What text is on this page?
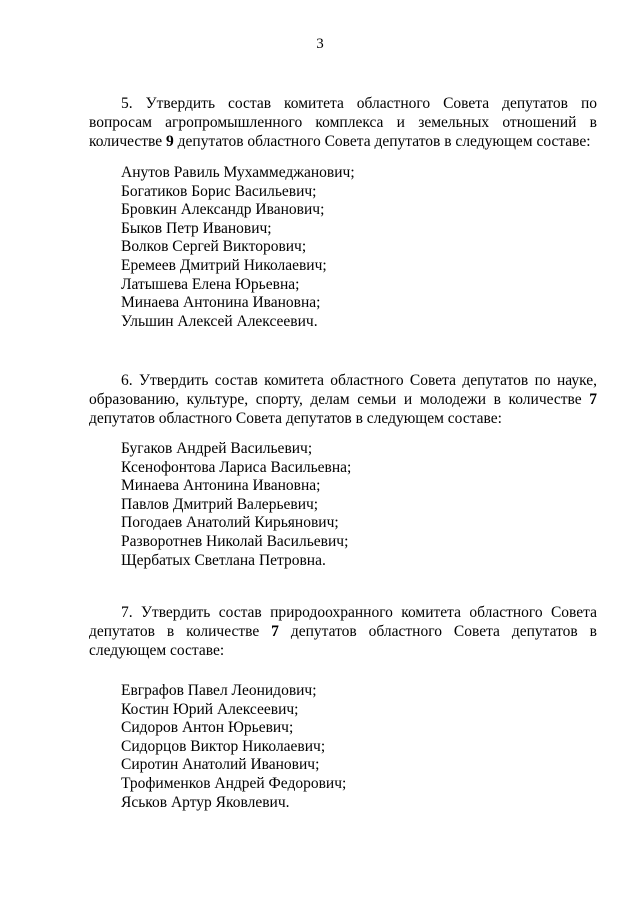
3

5. Утвердить состав комитета областного Совета депутатов по вопросам агропромышленного комплекса и земельных отношений в количестве 9 депутатов областного Совета депутатов в следующем составе:

Анутов Равиль Мухаммеджанович;
Богатиков Борис Васильевич;
Бровкин Александр Иванович;
Быков Петр Иванович;
Волков Сергей Викторович;
Еремеев Дмитрий Николаевич;
Латышева Елена Юрьевна;
Минаева Антонина Ивановна;
Ульшин Алексей Алексеевич.

6. Утвердить состав комитета областного Совета депутатов по науке, образованию, культуре, спорту, делам семьи и молодежи в количестве 7 депутатов областного Совета депутатов в следующем составе:

Бугаков Андрей Васильевич;
Ксенофонтова Лариса Васильевна;
Минаева Антонина Ивановна;
Павлов Дмитрий Валерьевич;
Погодаев Анатолий Кирьянович;
Разворотнев Николай Васильевич;
Щербатых Светлана Петровна.

7. Утвердить состав природоохранного комитета областного Совета депутатов в количестве 7 депутатов областного Совета депутатов в следующем составе:

Евграфов Павел Леонидович;
Костин Юрий Алексеевич;
Сидоров Антон Юрьевич;
Сидорцов Виктор Николаевич;
Сиротин Анатолий Иванович;
Трофименков Андрей Федорович;
Яськов Артур Яковлевич.
